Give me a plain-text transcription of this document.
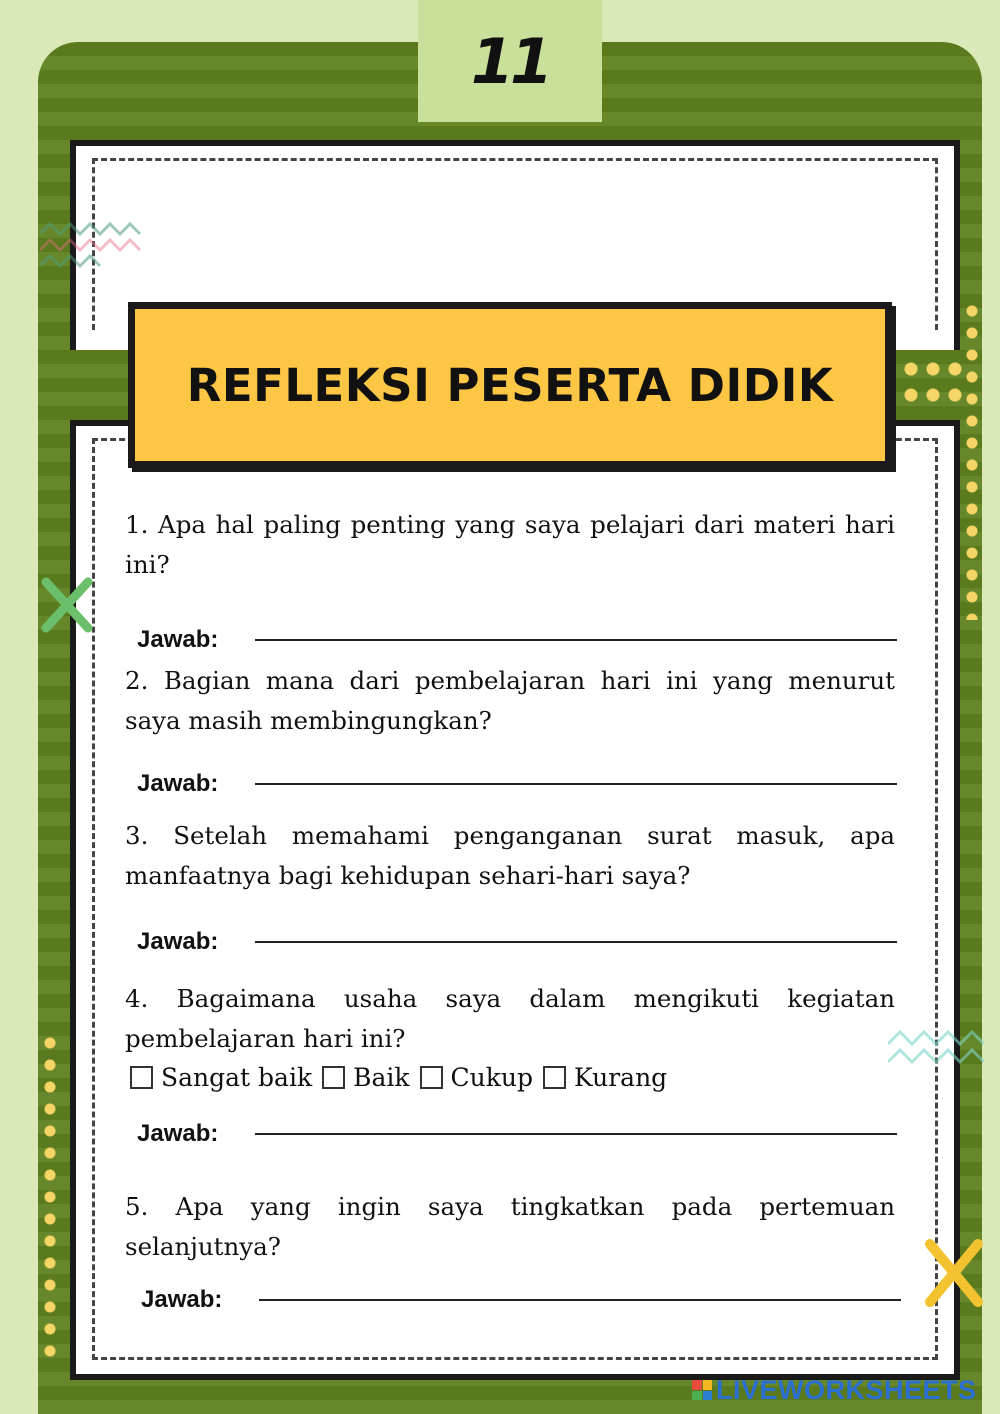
11
REFLEKSI PESERTA DIDIK
1. Apa hal paling penting yang saya pelajari dari materi hari ini?
Jawab:
2. Bagian mana dari pembelajaran hari ini yang menurut saya masih membingungkan?
Jawab:
3. Setelah memahami penganganan surat masuk, apa manfaatnya bagi kehidupan sehari-hari saya?
Jawab:
4. Bagaimana usaha saya dalam mengikuti kegiatan pembelajaran hari ini?
Sangat baik Baik Cukup Kurang
Jawab:
5. Apa yang ingin saya tingkatkan pada pertemuan selanjutnya?
Jawab:
LIVEWORKSHEETS
